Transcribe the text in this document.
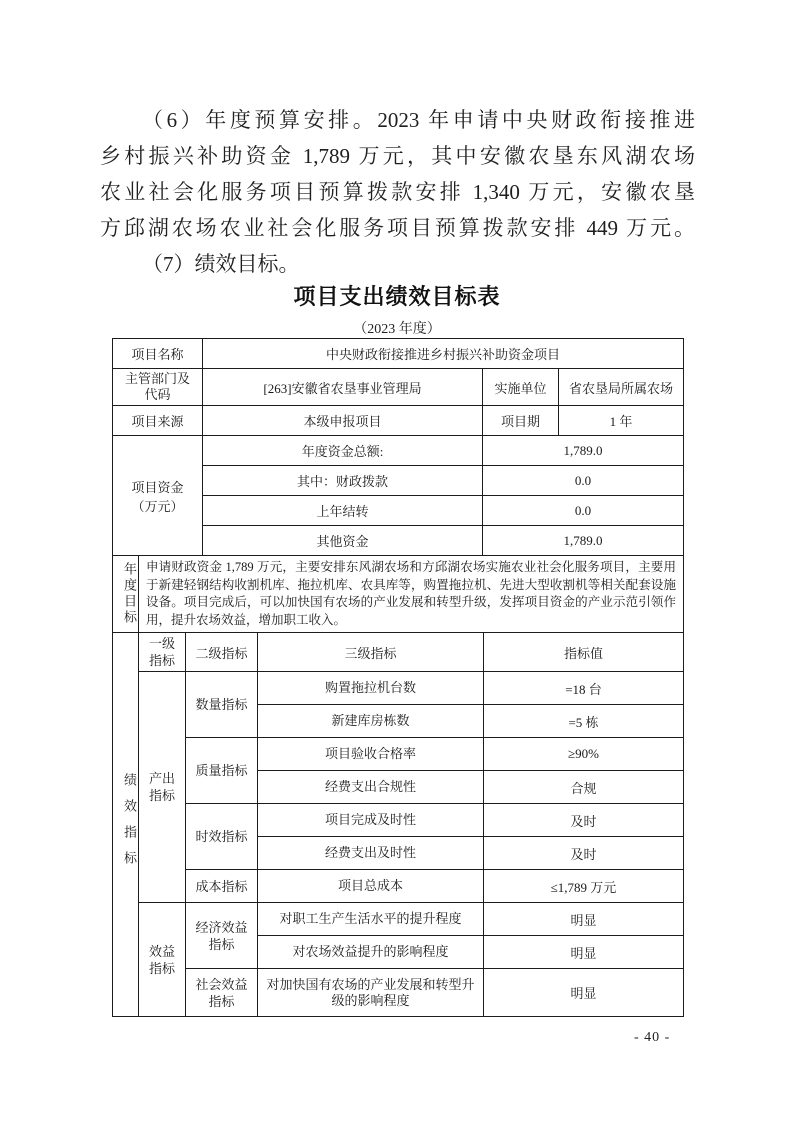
（6）年度预算安排。2023 年申请中央财政衔接推进
乡村振兴补助资金 1,789 万元，其中安徽农垦东风湖农场
农业社会化服务项目预算拨款安排 1,340 万元，安徽农垦
方邱湖农场农业社会化服务项目预算拨款安排 449 万元。
（7）绩效目标。
项目支出绩效目标表
（2023 年度）
项目名称	中央财政衔接推进乡村振兴补助资金项目		

主管部门及代码	[263]安徽省农垦事业管理局	实施单位	省农垦局所属农场
项目来源	本级申报项目	项目期	1 年

项目资金
（万元）	年度资金总额:	1,789.0	
	其中：财政拨款	0.0	
	上年结转	0.0	
	其他资金	1,789.0	
年度目标	申请财政资金 1,789 万元，主要安排东风湖农场和方邱湖农场实施农业社会化服务项目，主要用于新建轻钢结构收割机库、拖拉机库、农具库等，购置拖拉机、先进大型收割机等相关配套设施设备。项目完成后，可以加快国有农场的产业发展和转型升级，发挥项目资金的产业示范引领作用，提升农场效益，增加职工收入。
绩效指标	一级指标	二级指标	三级指标	指标值

	产出指标	数量指标	购置拖拉机台数	=18 台
			新建库房栋数	=5 栋

		质量指标	项目验收合格率	≥90%
			经费支出合规性	合规

		时效指标	项目完成及时性	及时
			经费支出及时性	及时

		成本指标	项目总成本	≤1,789 万元

	效益指标	经济效益指标	对职工生产生活水平的提升程度	明显
			对农场效益提升的影响程度	明显

		社会效益指标	对加快国有农场的产业发展和转型升级的影响程度	明显
- 40 -
